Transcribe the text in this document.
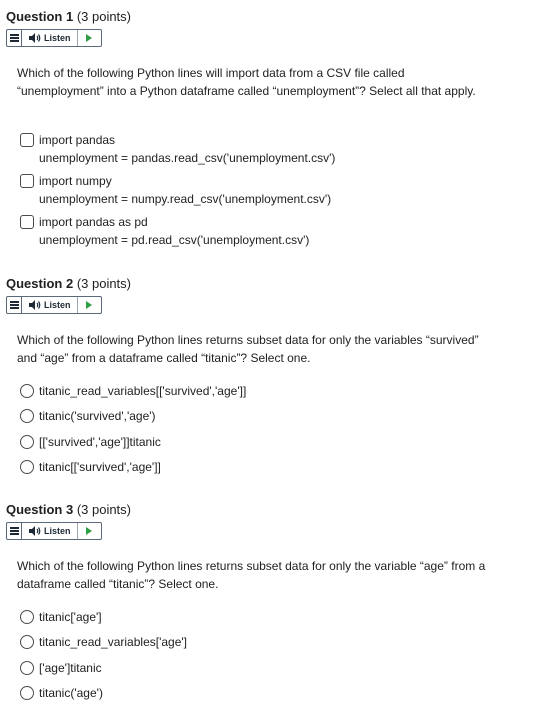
Question 1 (3 points)
Listen
Which of the following Python lines will import data from a CSV file called “unemployment” into a Python dataframe called “unemployment”? Select all that apply.
import pandas
unemployment = pandas.read_csv('unemployment.csv')
import numpy
unemployment = numpy.read_csv('unemployment.csv')
import pandas as pd
unemployment = pd.read_csv('unemployment.csv')
Question 2 (3 points)
Listen
Which of the following Python lines returns subset data for only the variables “survived” and “age” from a dataframe called “titanic”? Select one.
titanic_read_variables[['survived','age']]
titanic('survived','age')
[['survived','age']]titanic
titanic[['survived','age']]
Question 3 (3 points)
Listen
Which of the following Python lines returns subset data for only the variable “age” from a dataframe called “titanic”? Select one.
titanic['age']
titanic_read_variables['age']
['age']titanic
titanic('age')
